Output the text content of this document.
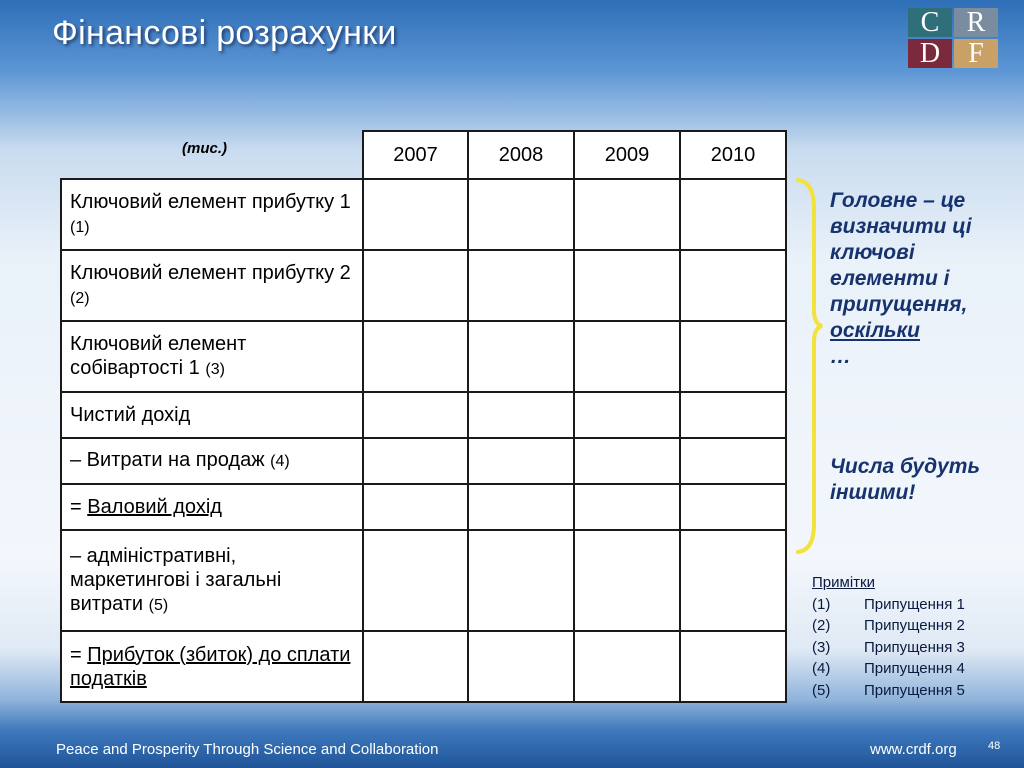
Фінансові розрахунки	C R
D	F
(тис.)
		2007	2008	2009	2010
Ключовий елемент прибутку 1 (1)				
Ключовий елемент прибутку 2 (2)				
Ключовий елемент собівартості 1 (3)				
Чистий дохід				
– Витрати на продаж (4)				
= Валовий дохід				
– адміністративні, маркетингові і загальні витрати (5)				
= Прибуток (збиток) до сплати податків				
Головне – це визначити ці ключові елементи і припущення, оскільки
…
Числа будуть іншими!
Примітки
(1) Припущення 1
(2) Припущення 2
(3) Припущення 3
(4) Припущення 4
(5) Припущення 5
Peace and Prosperity Through Science and Collaboration	www.crdf.org	48
